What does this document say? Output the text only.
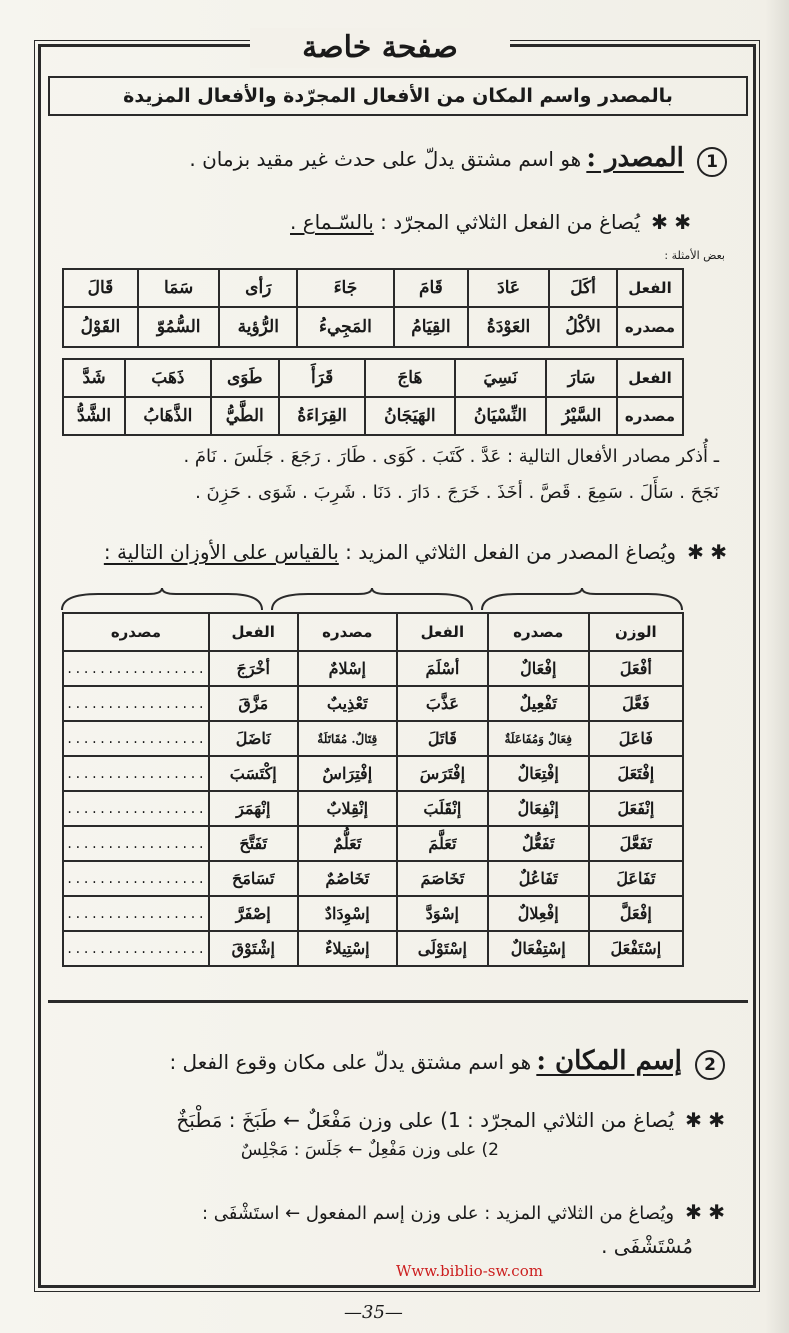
صفحة خاصة
بالمصدر واسم المكان من الأفعال المجرّدة والأفعال المزيدة
1 المصدر : هو اسم مشتق يدلّ على حدث غير مقيد بزمان .
✱ ✱ يُصاغ من الفعل الثلاثي المجرّد : بالسّـماع .
بعض الأمثلة :
الفعل	أكَلَ	عَادَ	قَامَ	جَاءَ	رَأى	سَمَا	قَالَ
مصدره	الأكْلُ	العَوْدَةُ	القِيَامُ	المَجِيءُ	الرُّؤية	السُّمُوّ	القَوْلُ
الفعل	سَارَ	نَسِيَ	هَاجَ	قَرَأَ	طَوَى	ذَهَبَ	شَدَّ
مصدره	السَّيْرُ	النِّسْيَانُ	الهَيَجَانُ	القِرَاءَةُ	الطَّيُّ	الذَّهَابُ	الشَّدُّ
ـ أُذكر مصادر الأفعال التالية : عَدَّ . كَتَبَ . كَوَى . طَارَ . رَجَعَ . جَلَسَ . نَامَ .
نَجَحَ . سَأَلَ . سَمِعَ . قَصَّ . أخَذَ . خَرَجَ . دَارَ . دَنَا . شَرِبَ . شَوَى . حَزِنَ .
✱ ✱ ويُصاغ المصدر من الفعل الثلاثي المزيد : بالقياس على الأوزان التالية :
الوزن	مصدره	الفعل	مصدره	الفعل	مصدره
أفْعَلَ	إفْعَالٌ	أسْلَمَ	إسْلامٌ	أخْرَجَ	.................
فَعَّلَ	تَفْعِيلٌ	عَذَّبَ	تَعْذِيبٌ	مَزَّقَ	.................
فَاعَلَ	فِعَالٌ وَمُفَاعَلَةٌ	قَاتَلَ	قِتَالٌ. مُقَاتَلَةٌ	نَاضَلَ	.................
إفْتَعَلَ	إفْتِعَالٌ	إفْتَرَسَ	إفْتِرَاسٌ	إكْتَسَبَ	.................
إنْفَعَلَ	إنْفِعَالٌ	إنْقَلَبَ	إنْقِلابٌ	إنْهَمَرَ	.................
تَفَعَّلَ	تَفَعُّلٌ	تَعَلَّمَ	تَعَلُّمٌ	تَفَتَّحَ	.................
تَفَاعَلَ	تَفَاعُلٌ	تَخَاصَمَ	تَخَاصُمٌ	تَسَامَحَ	.................
إفْعَلَّ	إفْعِلالٌ	إسْوَدَّ	إسْوِدَادٌ	إصْفَرَّ	.................
إسْتَفْعَلَ	إسْتِفْعَالٌ	إسْتَوْلَى	إسْتِيلاءٌ	إشْتَوْقَ	.................
2 إسم المكان : هو اسم مشتق يدلّ على مكان وقوع الفعل :
✱ ✱ يُصاغ من الثلاثي المجرّد : 1) على وزن مَفْعَلٌ ← طَبَخَ : مَطْبَخٌ
2) على وزن مَفْعِلٌ ← جَلَسَ : مَجْلِسٌ
✱ ✱ ويُصاغ من الثلاثي المزيد : على وزن إسم المفعول ← استَشْفَى :
مُسْتَشْفَى .
Www.biblio-sw.com
—35—
